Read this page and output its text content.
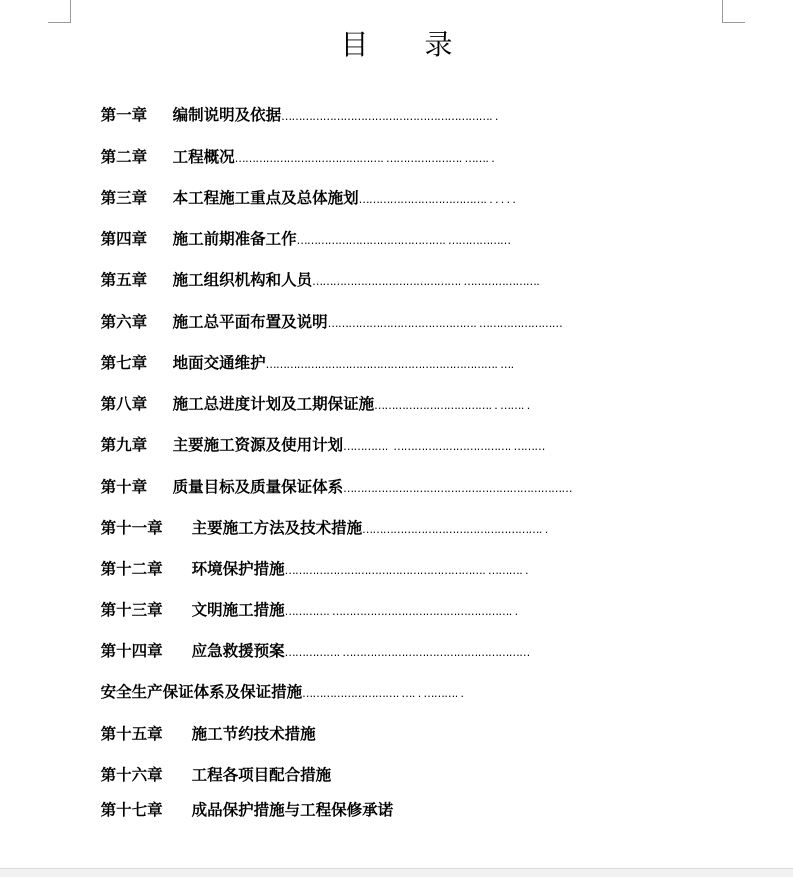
目　　录

第一章 编制说明及依据……………………………………………………. .

第二章 工程概况……………………………………. …………………. ……. .

第三章 本工程施工重点及总体施划………………………………. . . . . .

第四章 施工前期准备工作……………………………………. ………………

第五章 施工组织机构和人员……………………………………. ………………….

第六章 施工总平面布置及说明……………………………………. ……………………

第七章 地面交通维护…………………………………………………………. ….

第八章 施工总进度计划及工期保证施……………………………. . ……. .

第九章 主要施工资源及使用计划………….  ……………………………. ………

第十章 质量目标及质量保证体系…………………………………………………………

第十一章 主要施工方法及技术措施……………………………………………. .

第十二章 环境保护措施…………………………………………………. ………. .

第十三章 文明施工措施…………. ……………………………………………. .

第十四章 应急救援预案……………. ………………………………………………

安全生产保证体系及保证措施………………………. …. . ………. .

第十五章 施工节约技术措施

第十六章 工程各项目配合措施

第十七章 成品保护措施与工程保修承诺
